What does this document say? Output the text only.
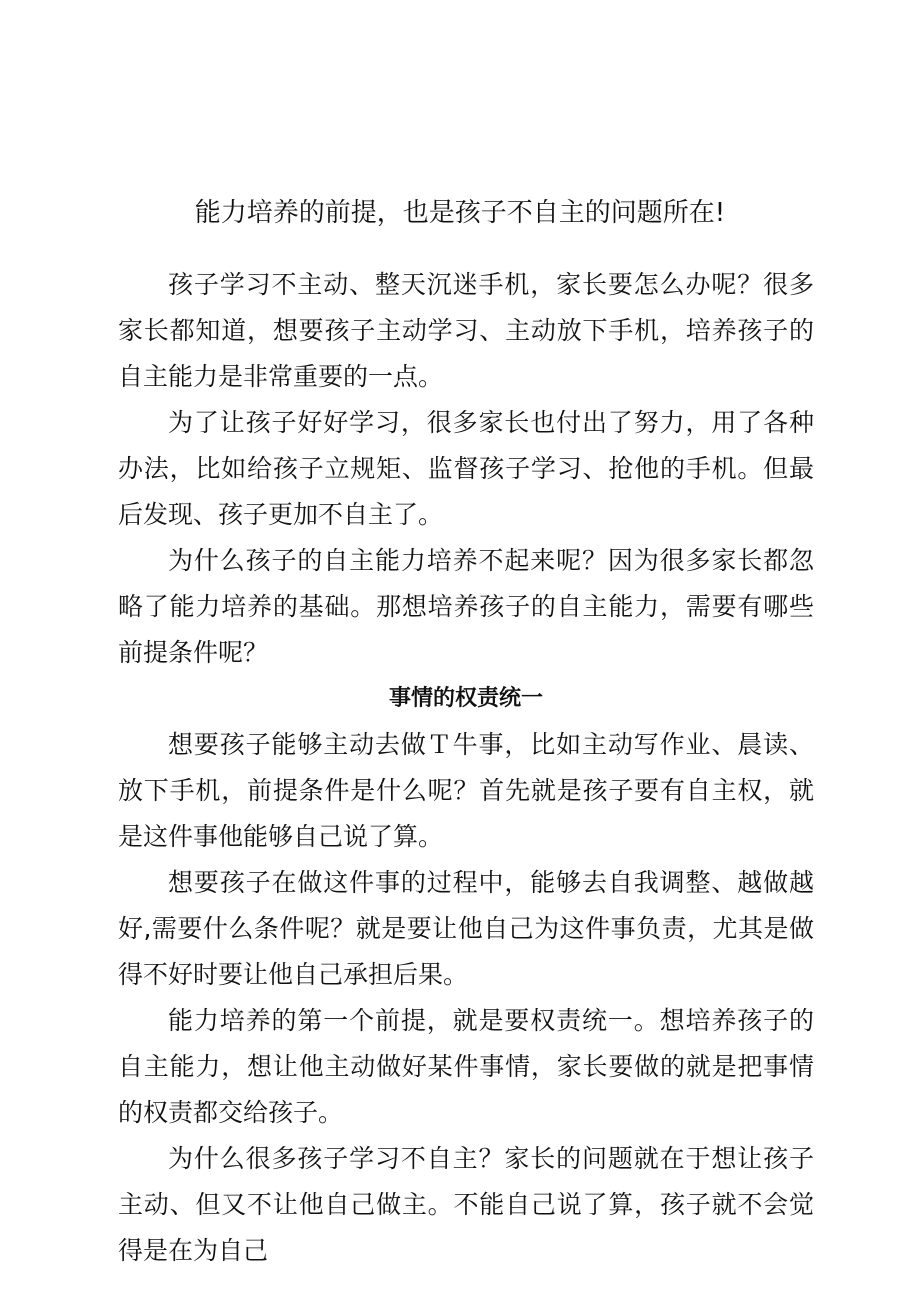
能力培养的前提，也是孩子不自主的问题所在!

孩子学习不主动、整天沉迷手机，家长要怎么办呢？很多家长都知道，想要孩子主动学习、主动放下手机，培养孩子的自主能力是非常重要的一点。

为了让孩子好好学习，很多家长也付出了努力，用了各种办法，比如给孩子立规矩、监督孩子学习、抢他的手机。但最后发现、孩子更加不自主了。

为什么孩子的自主能力培养不起来呢？因为很多家长都忽略了能力培养的基础。那想培养孩子的自主能力，需要有哪些前提条件呢？

事情的权责统一

想要孩子能够主动去做Ｔ牛事，比如主动写作业、晨读、放下手机，前提条件是什么呢？首先就是孩子要有自主权，就是这件事他能够自己说了算。

想要孩子在做这件事的过程中，能够去自我调整、越做越好,需要什么条件呢？就是要让他自己为这件事负责，尤其是做得不好时要让他自己承担后果。

能力培养的第一个前提，就是要权责统一。想培养孩子的自主能力，想让他主动做好某件事情，家长要做的就是把事情的权责都交给孩子。

为什么很多孩子学习不自主？家长的问题就在于想让孩子主动、但又不让他自己做主。不能自己说了算，孩子就不会觉得是在为自己
